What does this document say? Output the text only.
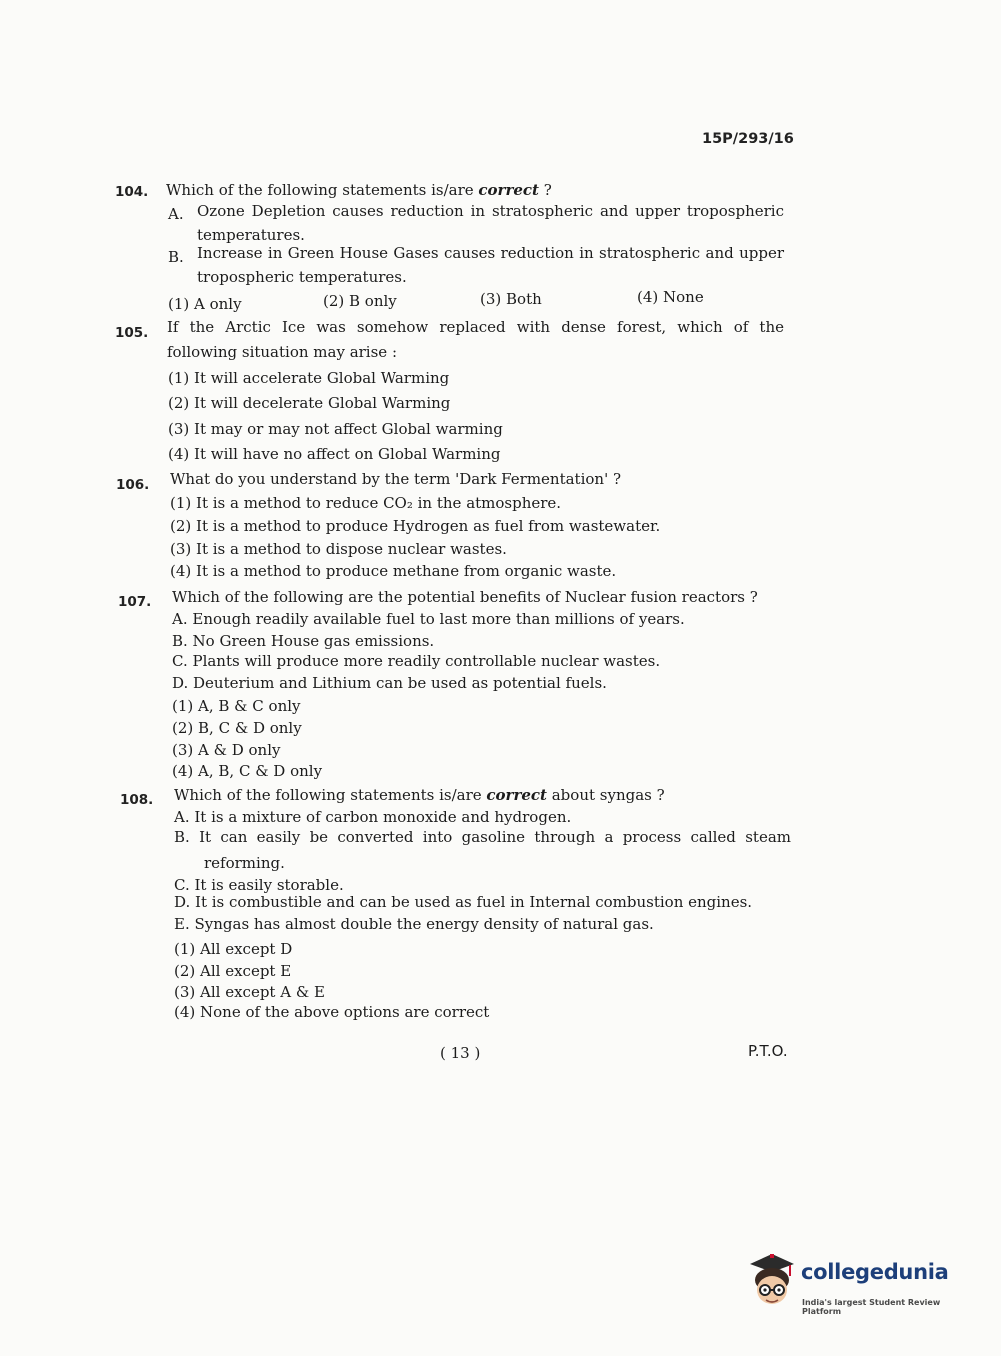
15P/293/16
104. Which of the following statements is/are correct ?
A. Ozone Depletion causes reduction in stratospheric and upper tropospheric
temperatures.
B. Increase in Green House Gases causes reduction in stratospheric and upper
tropospheric temperatures.
(1) A only	(2) B only	(3) Both	(4) None
105. If the Arctic Ice was somehow replaced with dense forest, which of the
following situation may arise :
(1) It will accelerate Global Warming
(2) It will decelerate Global Warming
(3) It may or may not affect Global warming
(4) It will have no affect on Global Warming
106. What do you understand by the term 'Dark Fermentation' ?
(1) It is a method to reduce CO₂ in the atmosphere.
(2) It is a method to produce Hydrogen as fuel from wastewater.
(3) It is a method to dispose nuclear wastes.
(4) It is a method to produce methane from organic waste.
107. Which of the following are the potential benefits of Nuclear fusion reactors ?
A. Enough readily available fuel to last more than millions of years.
B. No Green House gas emissions.
C. Plants will produce more readily controllable nuclear wastes.
D. Deuterium and Lithium can be used as potential fuels.
(1) A, B & C only
(2) B, C & D only
(3) A & D only
(4) A, B, C & D only
108. Which of the following statements is/are correct about syngas ?
A. It is a mixture of carbon monoxide and hydrogen.
B. It can easily be converted into gasoline through a process called steam
reforming.
C. It is easily storable.
D. It is combustible and can be used as fuel in Internal combustion engines.
E. Syngas has almost double the energy density of natural gas.
(1) All except D
(2) All except E
(3) All except A & E
(4) None of the above options are correct
( 13 )	P.T.O.
collegedunia
India's largest Student Review Platform
